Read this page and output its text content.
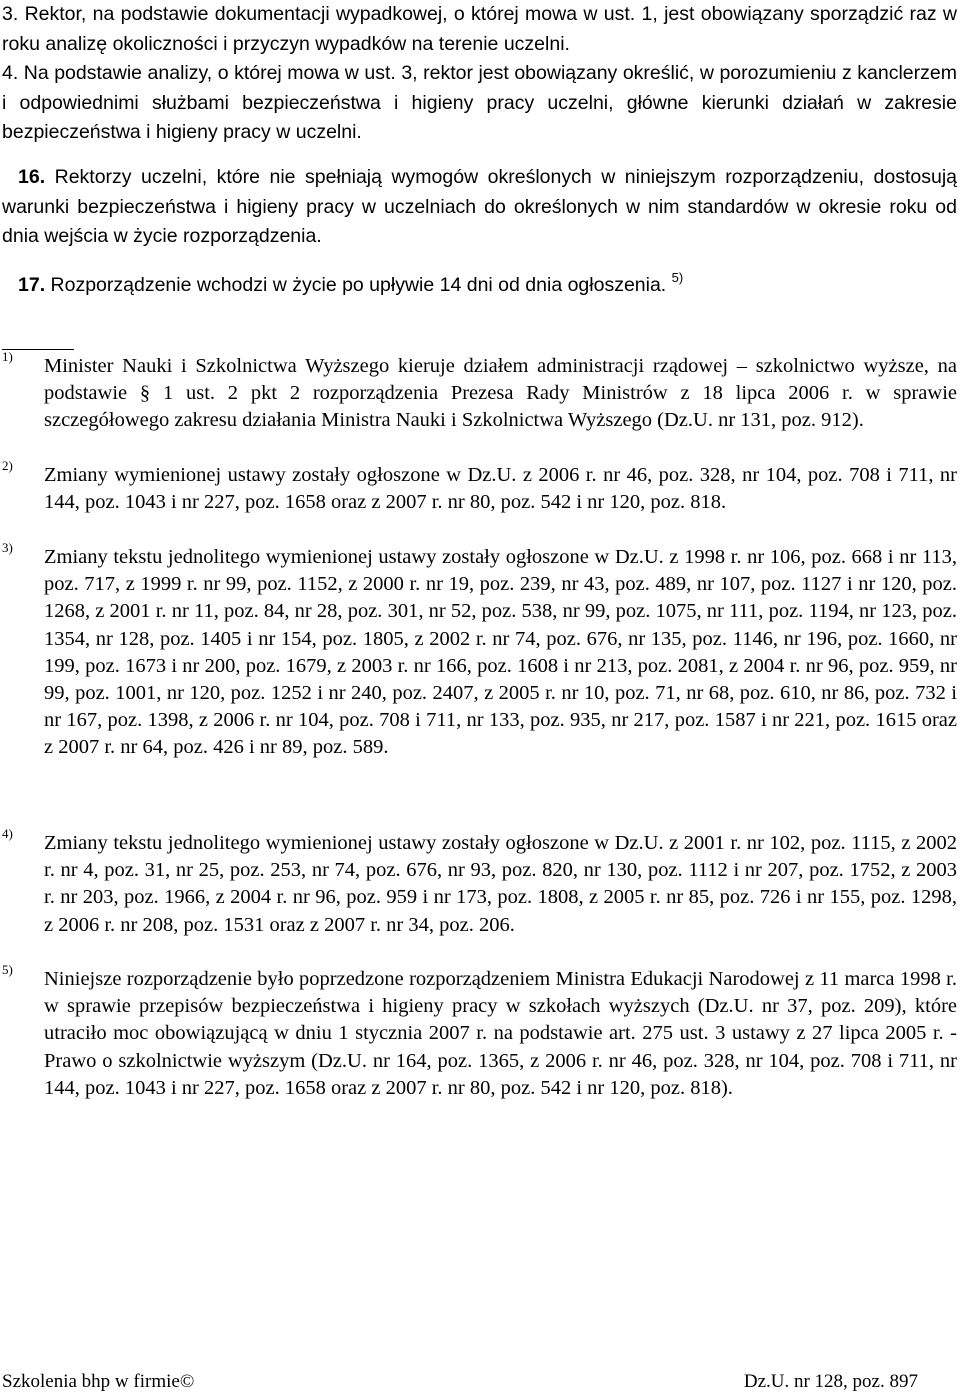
3. Rektor, na podstawie dokumentacji wypadkowej, o której mowa w ust. 1, jest obowiązany sporządzić raz w roku analizę okoliczności i przyczyn wypadków na terenie uczelni.

4. Na podstawie analizy, o której mowa w ust. 3, rektor jest obowiązany określić, w porozumieniu z kanclerzem i odpowiednimi służbami bezpieczeństwa i higieny pracy uczelni, główne kierunki działań w zakresie bezpieczeństwa i higieny pracy w uczelni.

16. Rektorzy uczelni, które nie spełniają wymogów określonych w niniejszym rozporządzeniu, dostosują warunki bezpieczeństwa i higieny pracy w uczelniach do określonych w nim standardów w okresie roku od dnia wejścia w życie rozporządzenia.

17. Rozporządzenie wchodzi w życie po upływie 14 dni od dnia ogłoszenia. $^{5)}$

1) Minister Nauki i Szkolnictwa Wyższego kieruje działem administracji rządowej – szkolnictwo wyższe, na podstawie § 1 ust. 2 pkt 2 rozporządzenia Prezesa Rady Ministrów z 18 lipca 2006 r. w sprawie szczegółowego zakresu działania Ministra Nauki i Szkolnictwa Wyższego (Dz.U. nr 131, poz. 912).
2) Zmiany wymienionej ustawy zostały ogłoszone w Dz.U. z 2006 r. nr 46, poz. 328, nr 104, poz. 708 i 711, nr 144, poz. 1043 i nr 227, poz. 1658 oraz z 2007 r. nr 80, poz. 542 i nr 120, poz. 818.
3) Zmiany tekstu jednolitego wymienionej ustawy zostały ogłoszone w Dz.U. z 1998 r. nr 106, poz. 668 i nr 113, poz. 717, z 1999 r. nr 99, poz. 1152, z 2000 r. nr 19, poz. 239, nr 43, poz. 489, nr 107, poz. 1127 i nr 120, poz. 1268, z 2001 r. nr 11, poz. 84, nr 28, poz. 301, nr 52, poz. 538, nr 99, poz. 1075, nr 111, poz. 1194, nr 123, poz. 1354, nr 128, poz. 1405 i nr 154, poz. 1805, z 2002 r. nr 74, poz. 676, nr 135, poz. 1146, nr 196, poz. 1660, nr 199, poz. 1673 i nr 200, poz. 1679, z 2003 r. nr 166, poz. 1608 i nr 213, poz. 2081, z 2004 r. nr 96, poz. 959, nr 99, poz. 1001, nr 120, poz. 1252 i nr 240, poz. 2407, z 2005 r. nr 10, poz. 71, nr 68, poz. 610, nr 86, poz. 732 i nr 167, poz. 1398, z 2006 r. nr 104, poz. 708 i 711, nr 133, poz. 935, nr 217, poz. 1587 i nr 221, poz. 1615 oraz z 2007 r. nr 64, poz. 426 i nr 89, poz. 589.
4) Zmiany tekstu jednolitego wymienionej ustawy zostały ogłoszone w Dz.U. z 2001 r. nr 102, poz. 1115, z 2002 r. nr 4, poz. 31, nr 25, poz. 253, nr 74, poz. 676, nr 93, poz. 820, nr 130, poz. 1112 i nr 207, poz. 1752, z 2003 r. nr 203, poz. 1966, z 2004 r. nr 96, poz. 959 i nr 173, poz. 1808, z 2005 r. nr 85, poz. 726 i nr 155, poz. 1298, z 2006 r. nr 208, poz. 1531 oraz z 2007 r. nr 34, poz. 206.
5) Niniejsze rozporządzenie było poprzedzone rozporządzeniem Ministra Edukacji Narodowej z 11 marca 1998 r. w sprawie przepisów bezpieczeństwa i higieny pracy w szkołach wyższych (Dz.U. nr 37, poz. 209), które utraciło moc obowiązującą w dniu 1 stycznia 2007 r. na podstawie art. 275 ust. 3 ustawy z 27 lipca 2005 r. - Prawo o szkolnictwie wyższym (Dz.U. nr 164, poz. 1365, z 2006 r. nr 46, poz. 328, nr 104, poz. 708 i 711, nr 144, poz. 1043 i nr 227, poz. 1658 oraz z 2007 r. nr 80, poz. 542 i nr 120, poz. 818).
Szkolenia bhp w firmie©	Dz.U. nr 128, poz. 897
